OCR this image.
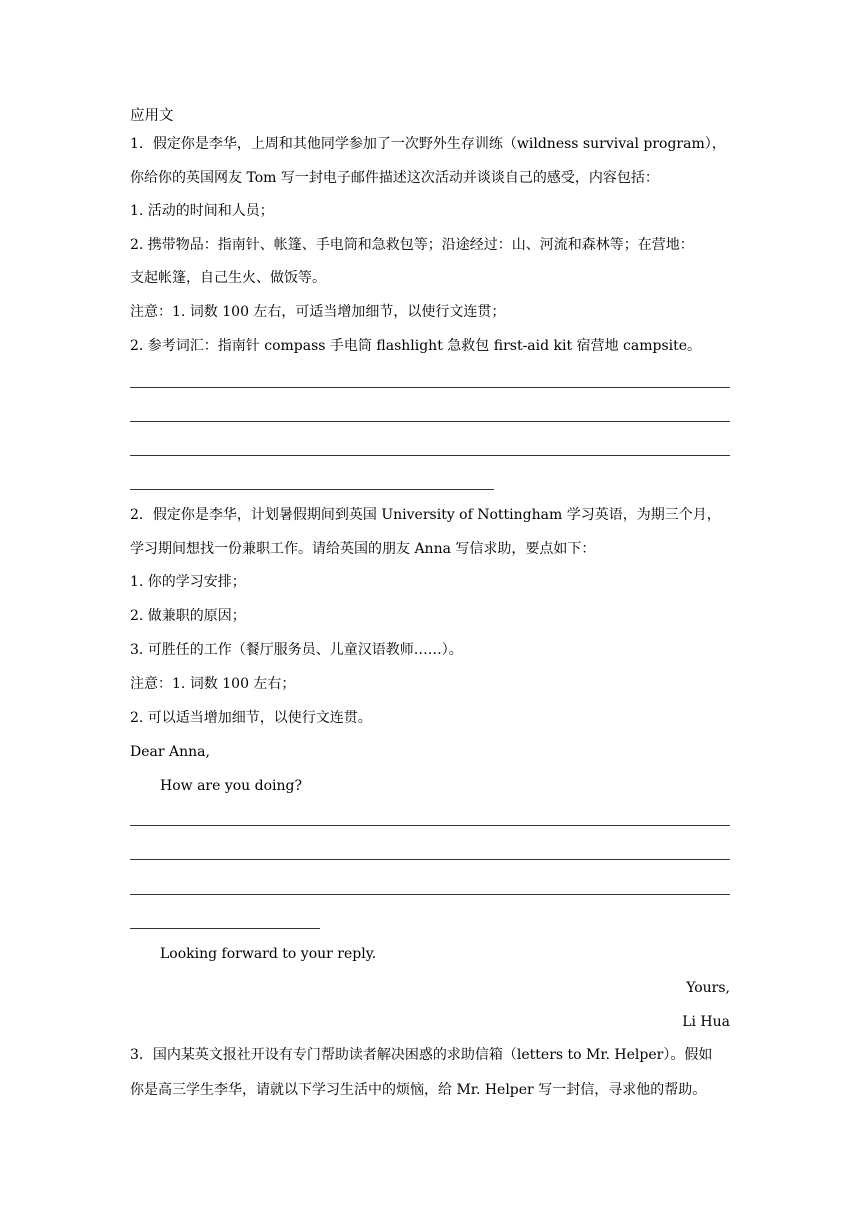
应用文
1．假定你是李华，上周和其他同学参加了一次野外生存训练（wildness survival program），
你给你的英国网友 Tom 写一封电子邮件描述这次活动并谈谈自己的感受，内容包括：
1. 活动的时间和人员；
2. 携带物品：指南针、帐篷、手电筒和急救包等；沿途经过：山、河流和森林等；在营地：
支起帐篷，自己生火、做饭等。
注意：1. 词数 100 左右，可适当增加细节，以使行文连贯；
2. 参考词汇：指南针 compass 手电筒 flashlight 急救包 first-aid kit 宿营地 campsite。
2．假定你是李华，计划暑假期间到英国 University of Nottingham 学习英语，为期三个月，
学习期间想找一份兼职工作。请给英国的朋友 Anna 写信求助，要点如下：
1. 你的学习安排；
2. 做兼职的原因；
3. 可胜任的工作（餐厅服务员、儿童汉语教师……）。
注意：1. 词数 100 左右；
2. 可以适当增加细节，以使行文连贯。
Dear Anna,
How are you doing?
Looking forward to your reply.
Yours,
Li Hua
3．国内某英文报社开设有专门帮助读者解决困惑的求助信箱（letters to Mr. Helper）。假如
你是高三学生李华，请就以下学习生活中的烦恼，给 Mr. Helper 写一封信，寻求他的帮助。
